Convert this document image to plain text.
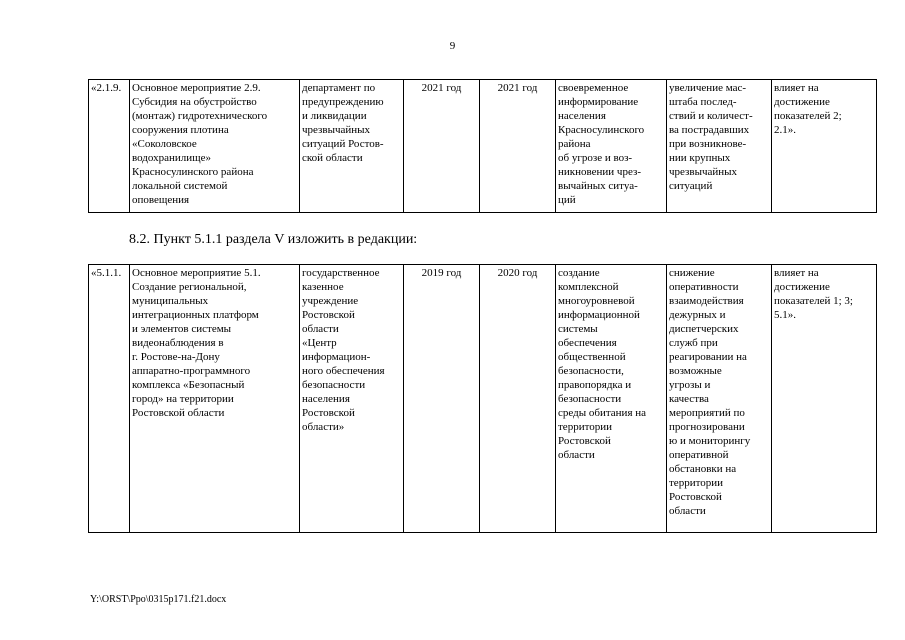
9
«2.1.9.	Основное мероприятие 2.9.
Субсидия на обустройство
(монтаж) гидротехнического
сооружения плотина
«Соколовское
водохранилище»
Красносулинского района
локальной системой
оповещения	департамент по
предупреждению
и ликвидации
чрезвычайных
ситуаций Ростов-
ской области	2021 год	2021 год	своевременное
информирование
населения
Красносулинского
района
об угрозе и воз-
никновении чрез-
вычайных ситуа-
ций	увеличение мас-
штаба послед-
ствий и количест-
ва пострадавших
при возникнове-
нии крупных
чрезвычайных
ситуаций	влияет на
достижение
показателей 2;
2.1».
8.2. Пункт 5.1.1 раздела V изложить в редакции:
«5.1.1.	Основное мероприятие 5.1.
Создание региональной,
муниципальных
интеграционных платформ
и элементов системы
видеонаблюдения в
г. Ростове-на-Дону
аппаратно-программного
комплекса «Безопасный
город» на территории
Ростовской области	государственное
казенное
учреждение
Ростовской
области
«Центр
информацион-
ного обеспечения
безопасности
населения
Ростовской
области»	2019 год	2020 год	создание
комплексной
многоуровневой
информационной
системы
обеспечения
общественной
безопасности,
правопорядка и
безопасности
среды обитания на
территории
Ростовской
области	снижение
оперативности
взаимодействия
дежурных и
диспетчерских
служб при
реагировании на
возможные
угрозы и
качества
мероприятий по
прогнозировани
ю и мониторингу
оперативной
обстановки на
территории
Ростовской
области	влияет на
достижение
показателей 1; 3;
5.1».
Y:\ORST\Ppo\0315p171.f21.docx
